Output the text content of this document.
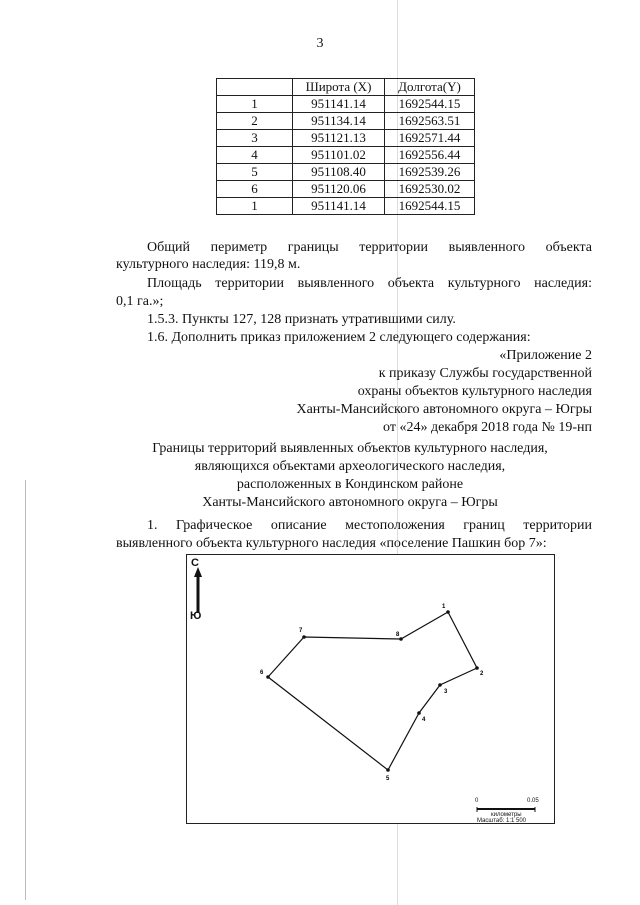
3
	Широта (X)	Долгота(Y)
1	951141.14	1692544.15
2	951134.14	1692563.51
3	951121.13	1692571.44
4	951101.02	1692556.44
5	951108.40	1692539.26
6	951120.06	1692530.02
1	951141.14	1692544.15

Общий периметр границы территории выявленного объекта

культурного наследия: 119,8 м.

Площадь территории выявленного объекта культурного наследия:

0,1 га.»;

1.5.3. Пункты 127, 128 признать утратившими силу.

1.6. Дополнить приказ приложением 2 следующего содержания:

«Приложение 2

к приказу Службы государственной

охраны объектов культурного наследия

Ханты-Мансийского автономного округа – Югры

от «24» декабря 2018 года № 19-нп

Границы территорий выявленных объектов культурного наследия,

являющихся объектами археологического наследия,

расположенных в Кондинском районе

Ханты-Мансийского автономного округа – Югры

1. Графическое описание местоположения границ территории

выявленного объекта культурного наследия «поселение Пашкин бор 7»:

С
Ю
1
2
3
4
5
6
7
8
0	0.05
километры
Масштаб: 1:1 500
